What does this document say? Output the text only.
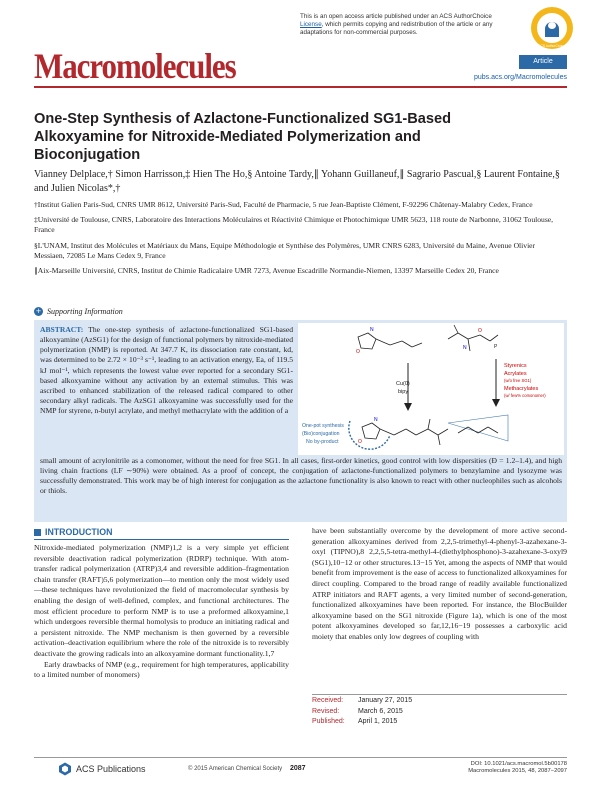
This is an open access article published under an ACS AuthorChoice License, which permits copying and redistribution of the article or any adaptations for non-commercial purposes.
ACS AuthorChoice
Macromolecules	Article
pubs.acs.org/Macromolecules
One-Step Synthesis of Azlactone-Functionalized SG1-Based Alkoxyamine for Nitroxide-Mediated Polymerization and Bioconjugation
Vianney Delplace,† Simon Harrisson,‡ Hien The Ho,§ Antoine Tardy,∥ Yohann Guillaneuf,∥ Sagrario Pascual,§ Laurent Fontaine,§ and Julien Nicolas*,†

†Institut Galien Paris-Sud, CNRS UMR 8612, Université Paris-Sud, Faculté de Pharmacie, 5 rue Jean-Baptiste Clément, F-92296 Châtenay-Malabry Cedex, France

‡Université de Toulouse, CNRS, Laboratoire des Interactions Moléculaires et Réactivité Chimique et Photochimique UMR 5623, 118 route de Narbonne, 31062 Toulouse, France

§L'UNAM, Institut des Molécules et Matériaux du Mans, Equipe Méthodologie et Synthèse des Polymères, UMR CNRS 6283, Université du Maine, Avenue Olivier Messiaen, 72085 Le Mans Cedex 9, France

∥Aix-Marseille Université, CNRS, Institut de Chimie Radicalaire UMR 7273, Avenue Escadrille Normandie-Niemen, 13397 Marseille Cedex 20, France

+ Supporting Information
ABSTRACT: The one-step synthesis of azlactone-functionalized SG1-based alkoxyamine (AzSG1) for the design of functional polymers by nitroxide-mediated polymerization (NMP) is reported. At 347.7 K, its dissociation rate constant, kd, was determined to be 2.72 × 10⁻³ s⁻¹, leading to an activation energy, Ea, of 119.5 kJ mol⁻¹, which represents the lowest value ever reported for a secondary SG1-based alkoxyamine without any activation by an external stimulus. This was ascribed to enhanced stabilization of the released radical compared to other secondary alkyl radicals. The AzSG1 alkoxyamine was successfully used for the NMP for styrene, n-butyl acrylate, and methyl methacrylate with the addition of a
small amount of acrylonitrile as a comonomer, without the need for free SG1. In all cases, first-order kinetics, good control with low dispersities (Đ = 1.2–1.4), and high living chain fractions (LF ∼90%) were obtained. As a proof of concept, the conjugation of azlactone-functionalized polymers to benzylamine and lysozyme was successfully demonstrated. This work may be of high interest for conjugation as the azlactone functionality is also known to react with other nucleophiles such as alcohols or thiols.
O
N
N
O
P
Cu(0)
bipy
Styrenics
Acrylates
(w/o free SG1)
Methacrylates
(w/ few% comonomer)
O
N
One-pot synthesis
(Bio)conjugation
No by-product
INTRODUCTION

Nitroxide-mediated polymerization (NMP)1,2 is a very simple yet efficient reversible deactivation radical polymerization (RDRP) technique. With atom-transfer radical polymerization (ATRP)3,4 and reversible addition–fragmentation chain transfer (RAFT)5,6 polymerization—to mention only the most widely used—these techniques have revolutionized the field of macromolecular synthesis by enabling the design of well-defined, complex, and functional architectures. The most efficient procedure to perform NMP is to use a preformed alkoxyamine,1 which undergoes reversible thermal homolysis to produce an initiating radical and a persistent nitroxide. The NMP mechanism is then governed by a reversible activation–deactivation equilibrium where the role of the nitroxide is to reversibly deactivate the growing radicals into an alkoxyamine dormant functionality.1,7

Early drawbacks of NMP (e.g., requirement for high temperatures, applicability to a limited number of monomers)

have been substantially overcome by the development of more active second-generation alkoxyamines derived from 2,2,5-trimethyl-4-phenyl-3-azahexane-3-oxyl (TIPNO),8 2,2,5,5-tetra-methyl-4-(diethylphosphono)-3-azahexane-3-oxyl9 (SG1),10−12 or other structures.13−15 Yet, among the aspects of NMP that would benefit from improvement is the ease of access to functionalized alkoxyamines for direct coupling. Compared to the broad range of readily available functionalized ATRP initiators and RAFT agents, a very limited number of second-generation, functionalized alkoxyamines have been reported. For instance, the BlocBuilder alkoxyamine based on the SG1 nitroxide (Figure 1a), which is one of the most potent alkoxyamines developed so far,12,16−19 possesses a carboxylic acid moiety that enables only low degrees of coupling with

Received: January 27, 2015
Revised:	March 6, 2015
Published: April 1, 2015
ACS Publications	© 2015 American Chemical Society 2087
DOI: 10.1021/acs.macromol.5b00178
Macromolecules 2015, 48, 2087−2097
